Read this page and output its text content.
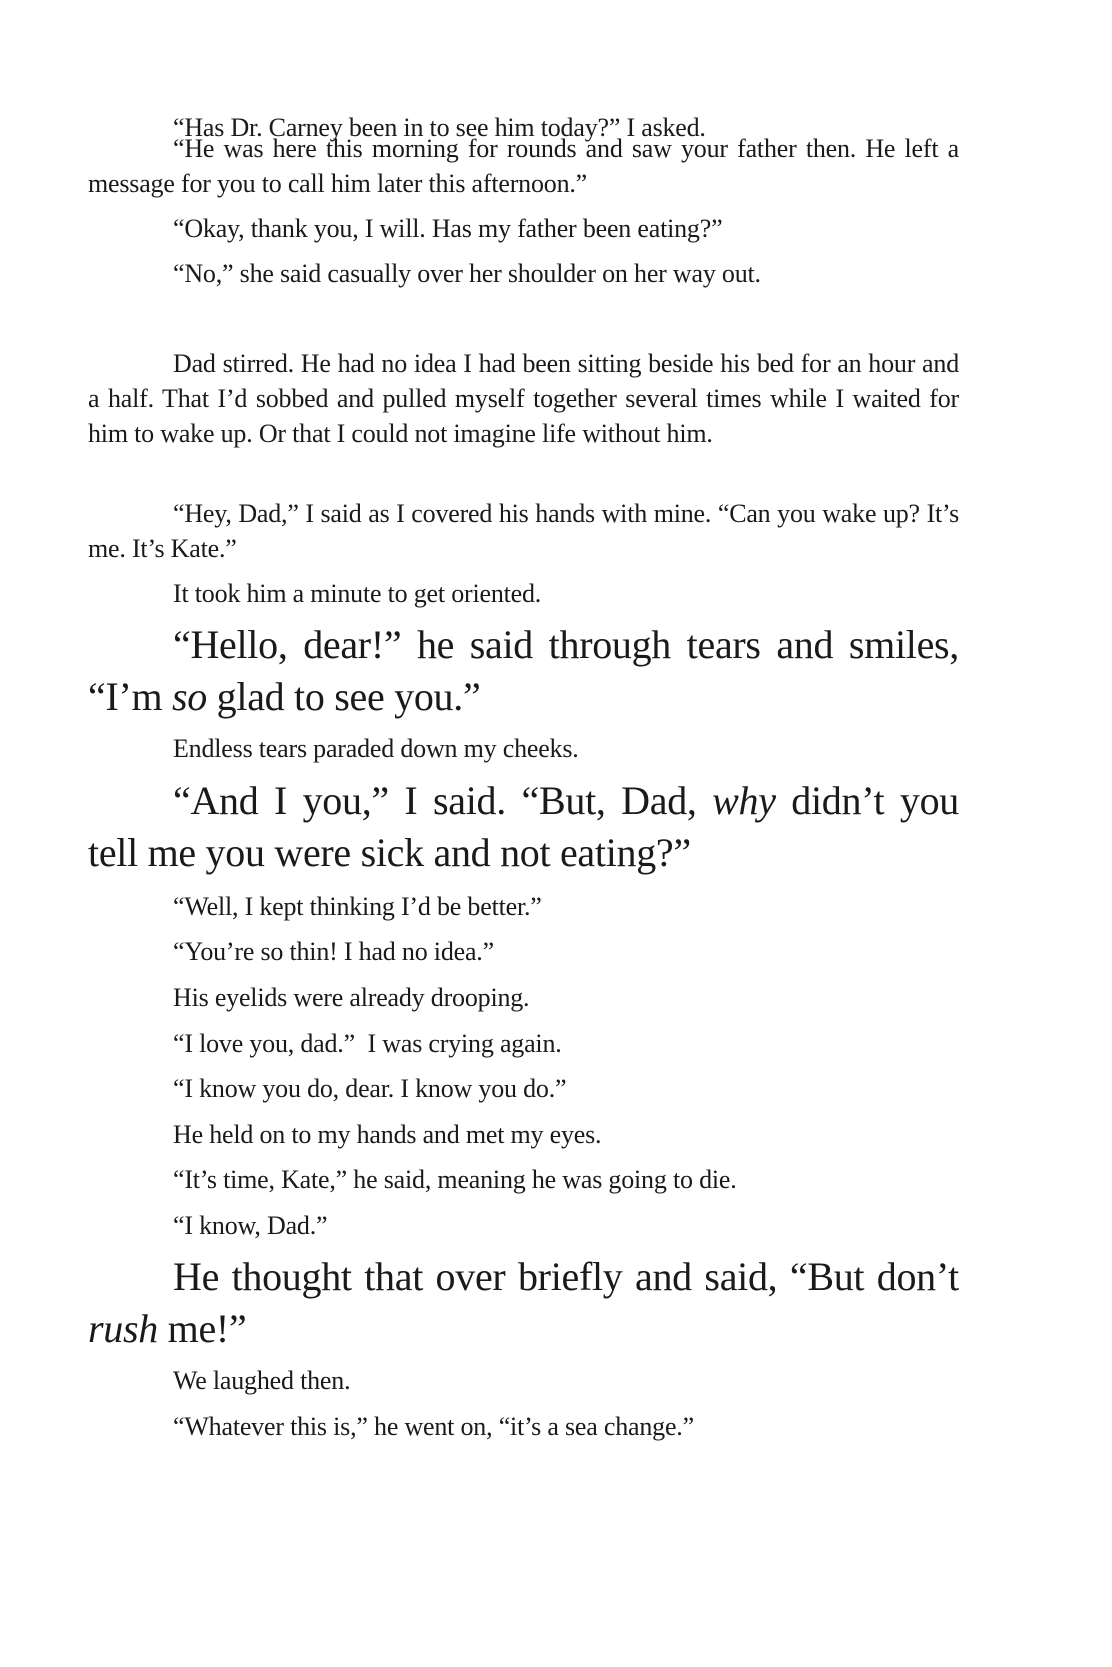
“Has Dr. Carney been in to see him today?” I asked.

“He was here this morning for rounds and saw your father then. He left a message for you to call him later this afternoon.”

“Okay, thank you, I will. Has my father been eating?”

“No,” she said casually over her shoulder on her way out.

Dad stirred. He had no idea I had been sitting beside his bed for an hour and a half. That I’d sobbed and pulled myself together several times while I waited for him to wake up. Or that I could not imagine life without him.

“Hey, Dad,” I said as I covered his hands with mine. “Can you wake up? It’s me. It’s Kate.”

It took him a minute to get oriented.

“Hello, dear!” he said through tears and smiles, “I’m so glad to see you.”

Endless tears paraded down my cheeks.

“And I you,” I said. “But, Dad, why didn’t you tell me you were sick and not eating?”

“Well, I kept thinking I’d be better.”

“You’re so thin! I had no idea.”

His eyelids were already drooping.

“I love you, dad.”  I was crying again.

“I know you do, dear. I know you do.”

He held on to my hands and met my eyes.

“It’s time, Kate,” he said, meaning he was going to die.

“I know, Dad.”

He thought that over briefly and said, “But don’t rush me!”

We laughed then.

“Whatever this is,” he went on, “it’s a sea change.”
